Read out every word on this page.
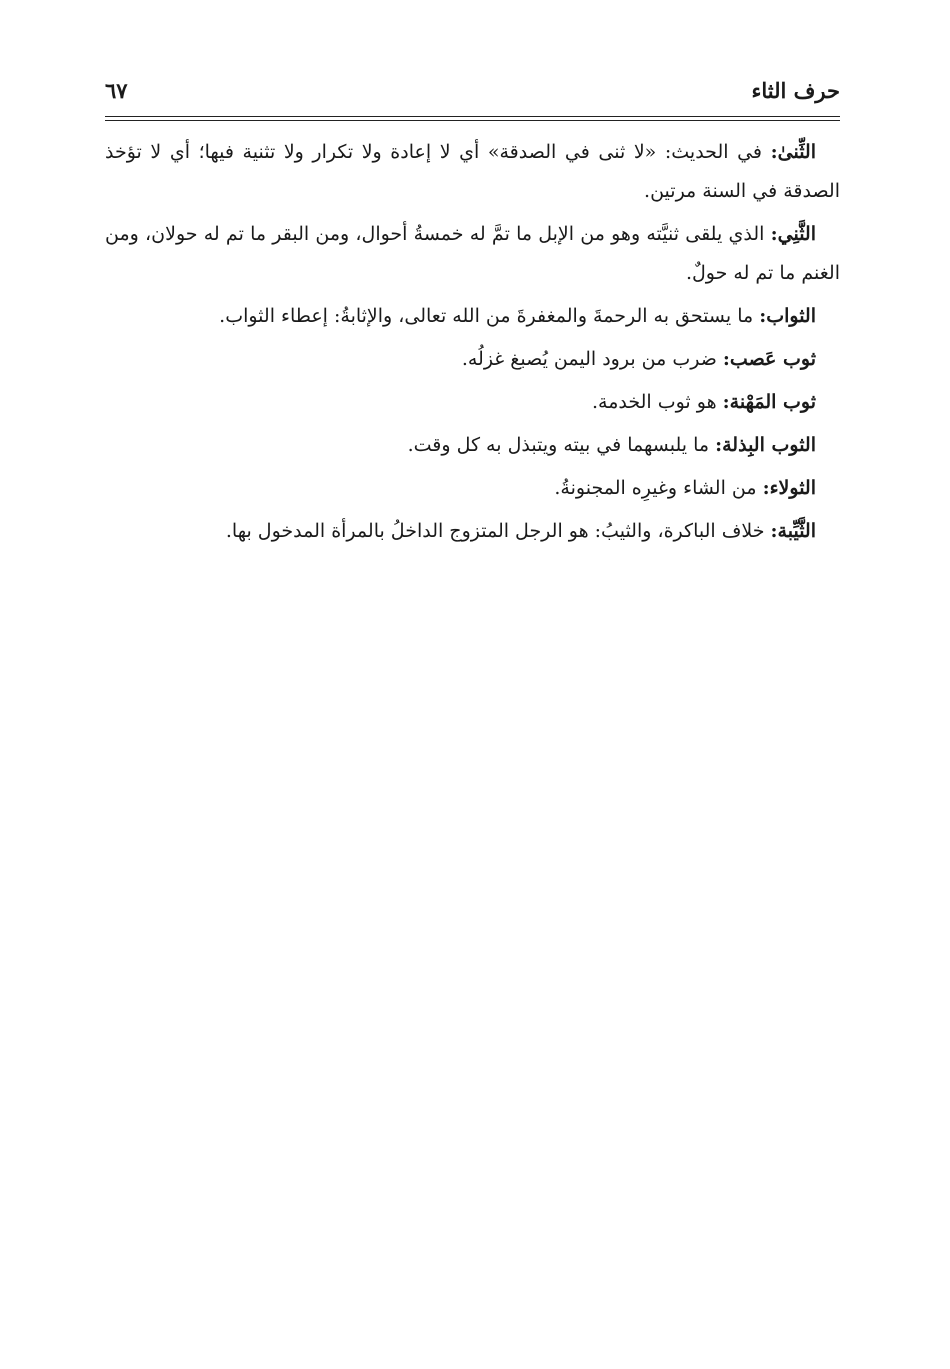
حرف الثاء
٦٧

الثِّنىٰ: في الحديث: «لا ثنى في الصدقة» أي لا إعادة ولا تكرار ولا تثنية فيها؛ أي لا تؤخذ الصدقة في السنة مرتين.

الثَّنِي: الذي يلقى ثنيَّته وهو من الإبل ما تمَّ له خمسةُ أحوال، ومن البقر ما تم له حولان، ومن الغنم ما تم له حولٌ.

الثواب: ما يستحق به الرحمةَ والمغفرةَ من الله تعالى، والإثابةُ: إعطاء الثواب.

ثوب عَصب: ضرب من برود اليمن يُصبغ غزلُه.

ثوب المَهْنة: هو ثوب الخدمة.

الثوب البِذلة: ما يلبسهما في بيته ويتبذل به كل وقت.

الثولاء: من الشاء وغيرِه المجنونةُ.

الثَّيِّبة: خلاف الباكرة، والثيبُ: هو الرجل المتزوج الداخلُ بالمرأة المدخول بها.
